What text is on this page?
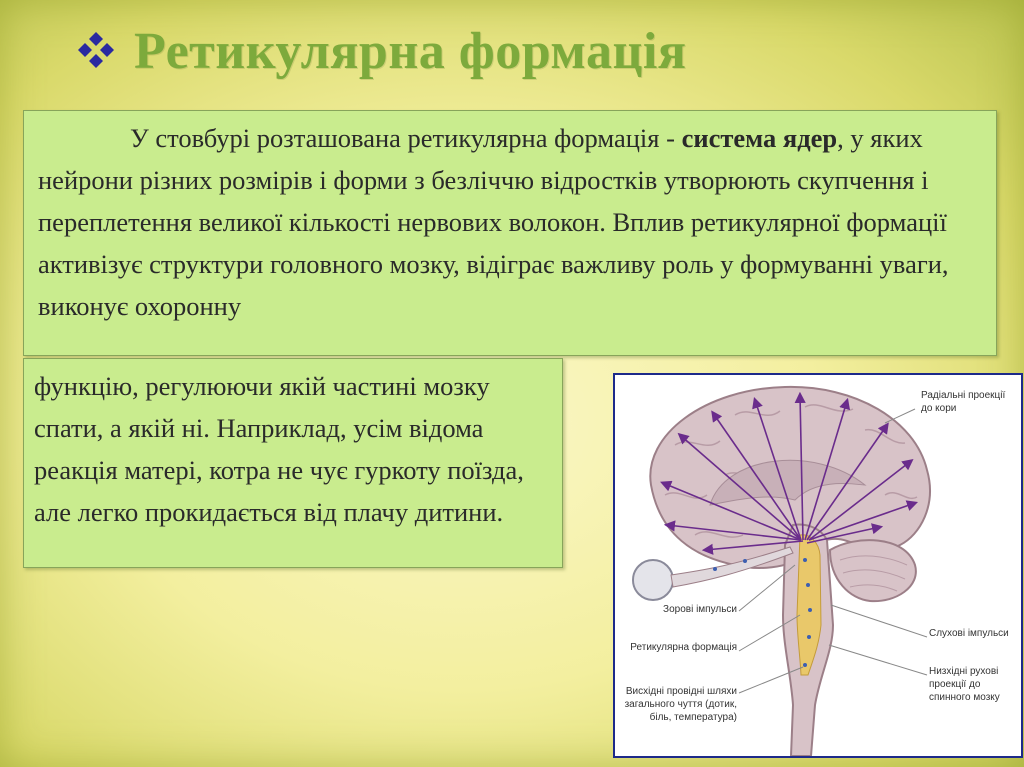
Ретикулярна формація

У стовбурі розташована ретикулярна формація - система ядер, у яких нейрони різних розмірів і форми з безліччю відростків утворюють скупчення і переплетення великої кількості нервових волокон. Вплив ретикулярної формації активізує структури головного мозку, відіграє важливу роль у формуванні уваги, виконує охоронну

функцію, регулюючи якій частині мозку спати, а якій ні. Наприклад, усім відома реакція матері, котра не чує гуркоту поїзда, але легко прокидається від плачу дитини.

Радіальні проекції до кори
Зорові імпульси
Ретикулярна формація
Висхідні провідні шляхи загального чуття (дотик, біль, температура)
Слухові імпульси
Низхідні рухові проекції до спинного мозку
